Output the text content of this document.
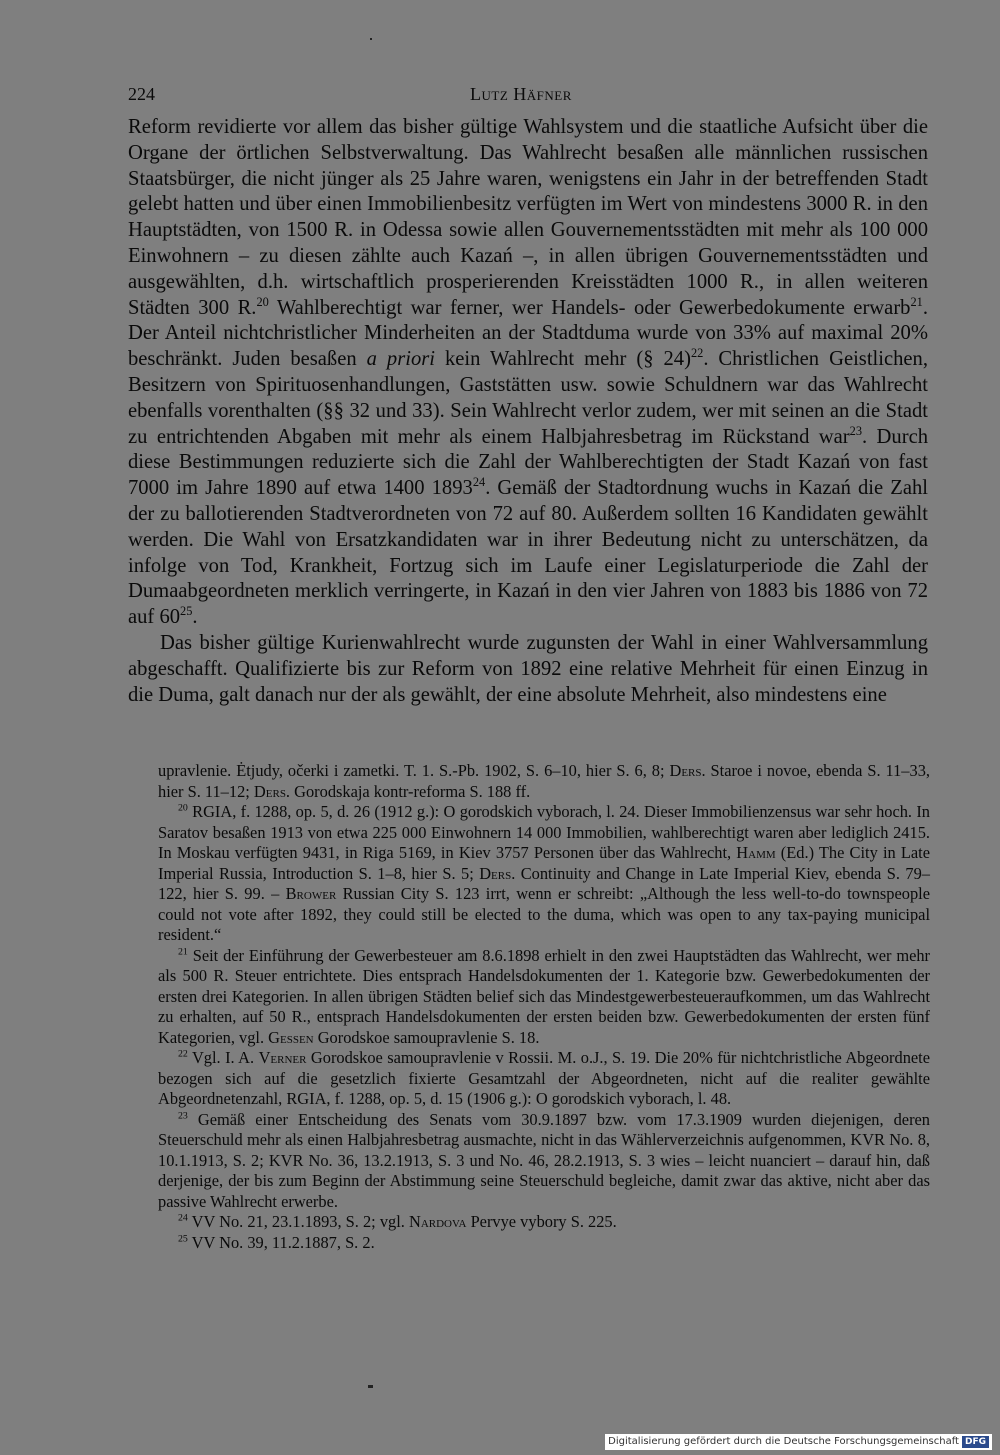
224	Lutz Häfner

Reform revidierte vor allem das bisher gültige Wahlsystem und die staatliche Aufsicht über die Organe der örtlichen Selbstverwaltung. Das Wahlrecht besaßen alle männlichen russischen Staatsbürger, die nicht jünger als 25 Jahre waren, wenigstens ein Jahr in der betreffenden Stadt gelebt hatten und über einen Immobilienbesitz verfügten im Wert von mindestens 3000 R. in den Hauptstädten, von 1500 R. in Odessa sowie allen Gouvernementsstädten mit mehr als 100 000 Einwohnern – zu diesen zählte auch Kazań –, in allen übrigen Gouvernementsstädten und ausgewählten, d.h. wirtschaftlich prosperierenden Kreisstädten 1000 R., in allen weiteren Städten 300 R.$^{20}$ Wahlberechtigt war ferner, wer Handels- oder Gewerbedokumente erwarb$^{21}$. Der Anteil nichtchristlicher Minderheiten an der Stadtduma wurde von 33% auf maximal 20% beschränkt. Juden besaßen a priori kein Wahlrecht mehr (§ 24)$^{22}$. Christlichen Geistlichen, Besitzern von Spirituosenhandlungen, Gaststätten usw. sowie Schuldnern war das Wahlrecht ebenfalls vorenthalten (§§ 32 und 33). Sein Wahlrecht verlor zudem, wer mit seinen an die Stadt zu entrichtenden Abgaben mit mehr als einem Halbjahresbetrag im Rückstand war$^{23}$. Durch diese Bestimmungen reduzierte sich die Zahl der Wahlberechtigten der Stadt Kazań von fast 7000 im Jahre 1890 auf etwa 1400 1893$^{24}$. Gemäß der Stadtordnung wuchs in Kazań die Zahl der zu ballotierenden Stadtverordneten von 72 auf 80. Außerdem sollten 16 Kandidaten gewählt werden. Die Wahl von Ersatzkandidaten war in ihrer Bedeutung nicht zu unterschätzen, da infolge von Tod, Krankheit, Fortzug sich im Laufe einer Legislaturperiode die Zahl der Dumaabgeordneten merklich verringerte, in Kazań in den vier Jahren von 1883 bis 1886 von 72 auf $60^{25}$.

Das bisher gültige Kurienwahlrecht wurde zugunsten der Wahl in einer Wahlversammlung abgeschafft. Qualifizierte bis zur Reform von 1892 eine relative Mehrheit für einen Einzug in die Duma, galt danach nur der als gewählt, der eine absolute Mehrheit, also mindestens eine

upravlenie. Ėtjudy, očerki i zametki. T. 1. S.-Pb. 1902, S. 6–10, hier S. 6, 8; Ders. Staroe i novoe, ebenda S. 11–33, hier S. 11–12; Ders. Gorodskaja kontr-reforma S. 188 ff.

$^{20}$ RGIA, f. 1288, op. 5, d. 26 (1912 g.): O gorodskich vyborach, l. 24. Dieser Immobilienzensus war sehr hoch. In Saratov besaßen 1913 von etwa 225 000 Einwohnern 14 000 Immobilien, wahlberechtigt waren aber lediglich 2415. In Moskau verfügten 9431, in Riga 5169, in Kiev 3757 Personen über das Wahlrecht, Hamm (Ed.) The City in Late Imperial Russia, Introduction S. 1–8, hier S. 5; Ders. Continuity and Change in Late Imperial Kiev, ebenda S. 79–122, hier S. 99. – Brower Russian City S. 123 irrt, wenn er schreibt: „Although the less well-to-do townspeople could not vote after 1892, they could still be elected to the duma, which was open to any tax-paying municipal resident.“

$^{21}$ Seit der Einführung der Gewerbesteuer am 8.6.1898 erhielt in den zwei Hauptstädten das Wahlrecht, wer mehr als 500 R. Steuer entrichtete. Dies entsprach Handelsdokumenten der 1. Kategorie bzw. Gewerbedokumenten der ersten drei Kategorien. In allen übrigen Städten belief sich das Mindestgewerbesteueraufkommen, um das Wahlrecht zu erhalten, auf 50 R., entsprach Handelsdokumenten der ersten beiden bzw. Gewerbedokumenten der ersten fünf Kategorien, vgl. Gessen Gorodskoe samoupravlenie S. 18.

$^{22}$ Vgl. I. A. Verner Gorodskoe samoupravlenie v Rossii. M. o.J., S. 19. Die 20% für nichtchristliche Abgeordnete bezogen sich auf die gesetzlich fixierte Gesamtzahl der Abgeordneten, nicht auf die realiter gewählte Abgeordnetenzahl, RGIA, f. 1288, op. 5, d. 15 (1906 g.): O gorodskich vyborach, l. 48.

$^{23}$ Gemäß einer Entscheidung des Senats vom 30.9.1897 bzw. vom 17.3.1909 wurden diejenigen, deren Steuerschuld mehr als einen Halbjahresbetrag ausmachte, nicht in das Wählerverzeichnis aufgenommen, KVR No. 8, 10.1.1913, S. 2; KVR No. 36, 13.2.1913, S. 3 und No. 46, 28.2.1913, S. 3 wies – leicht nuanciert – darauf hin, daß derjenige, der bis zum Beginn der Abstimmung seine Steuerschuld begleiche, damit zwar das aktive, nicht aber das passive Wahlrecht erwerbe.

$^{24}$ VV No. 21, 23.1.1893, S. 2; vgl. Nardova Pervye vybory S. 225.

$^{25}$ VV No. 39, 11.2.1887, S. 2.

Digitalisierung gefördert durch die Deutsche Forschungsgemeinschaft DFG
